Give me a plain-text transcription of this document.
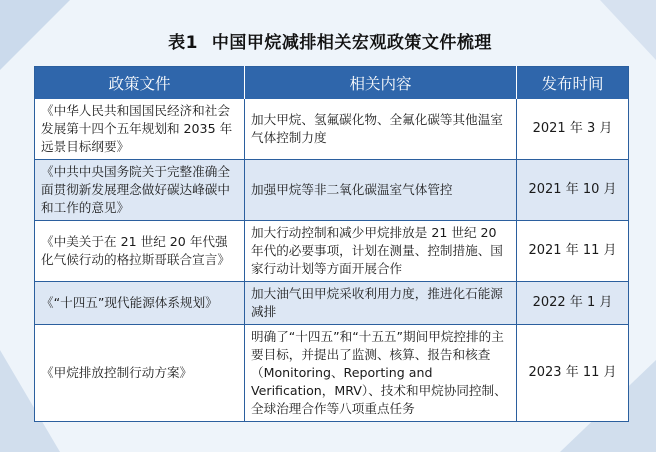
表1 中国甲烷减排相关宏观政策文件梳理
政策文件	相关内容	发布时间
《中华人民共和国国民经济和社会发展第十四个五年规划和 2035 年远景目标纲要》	加大甲烷、氢氟碳化物、全氟化碳等其他温室气体控制力度	2021 年 3 月
《中共中央国务院关于完整准确全面贯彻新发展理念做好碳达峰碳中和工作的意见》	加强甲烷等非二氧化碳温室气体管控	2021 年 10 月
《中美关于在 21 世纪 20 年代强化气候行动的格拉斯哥联合宣言》	加大行动控制和减少甲烷排放是 21 世纪 20 年代的必要事项，计划在测量、控制措施、国家行动计划等方面开展合作	2021 年 11 月
《“十四五”现代能源体系规划》	加大油气田甲烷采收利用力度，推进化石能源减排	2022 年 1 月
《甲烷排放控制行动方案》	明确了“十四五”和“十五五”期间甲烷控排的主要目标，并提出了监测、核算、报告和核查（Monitoring、Reporting and Verification，MRV）、技术和甲烷协同控制、全球治理合作等八项重点任务	2023 年 11 月
